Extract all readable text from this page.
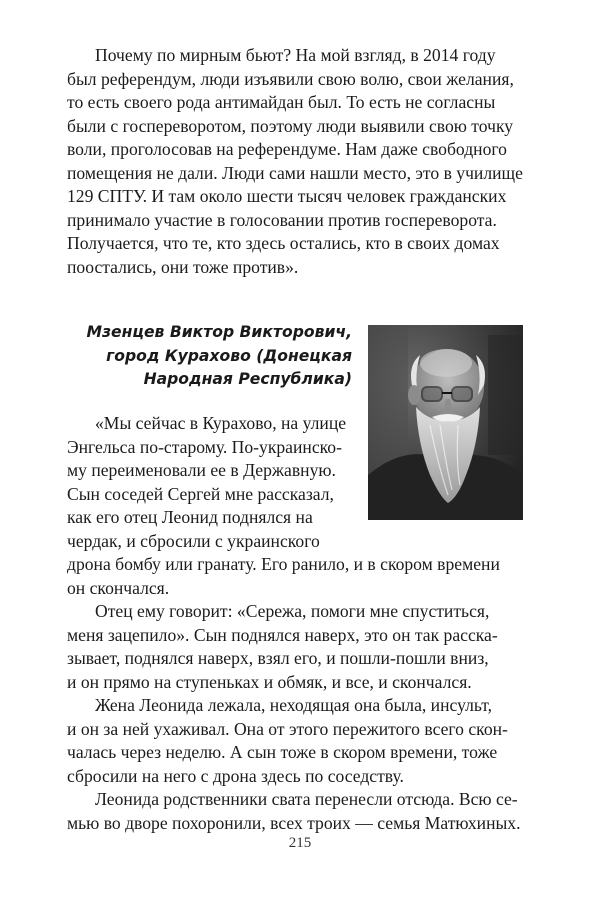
Почему по мирным бьют? На мой взгляд, в 2014 году

был референдум, люди изъявили свою волю, свои желания,
то есть своего рода антимайдан был. То есть не согласны
были с госпереворотом, поэтому люди выявили свою точку
воли, проголосовав на референдуме. Нам даже свободного
помещения не дали. Люди сами нашли место, это в училище
129 СПТУ. И там около шести тысяч человек гражданских
принимало участие в голосовании против госпереворота.
Получается, что те, кто здесь остались, кто в своих домах
поостались, они тоже против».
Мзенцев Виктор Викторович,
город Курахово (Донецкая
Народная Республика)

«Мы сейчас в Курахово, на улице

Энгельса по-старому. По-украинско-
му переименовали ее в Державную.
Сын соседей Сергей мне рассказал,
как его отец Леонид поднялся на
чердак, и сбросили с украинского
дрона бомбу или гранату. Его ранило, и в скором времени
он скончался.

Отец ему говорит: «Сережа, помоги мне спуститься,

меня зацепило». Сын поднялся наверх, это он так расска-
зывает, поднялся наверх, взял его, и пошли-пошли вниз,
и он прямо на ступеньках и обмяк, и все, и скончался.

Жена Леонида лежала, неходящая она была, инсульт,

и он за ней ухаживал. Она от этого пережитого всего скон-
чалась через неделю. А сын тоже в скором времени, тоже
сбросили на него с дрона здесь по соседству.

Леонида родственники свата перенесли отсюда. Всю се-

мью во дворе похоронили, всех троих — семья Матюхиных.
215
